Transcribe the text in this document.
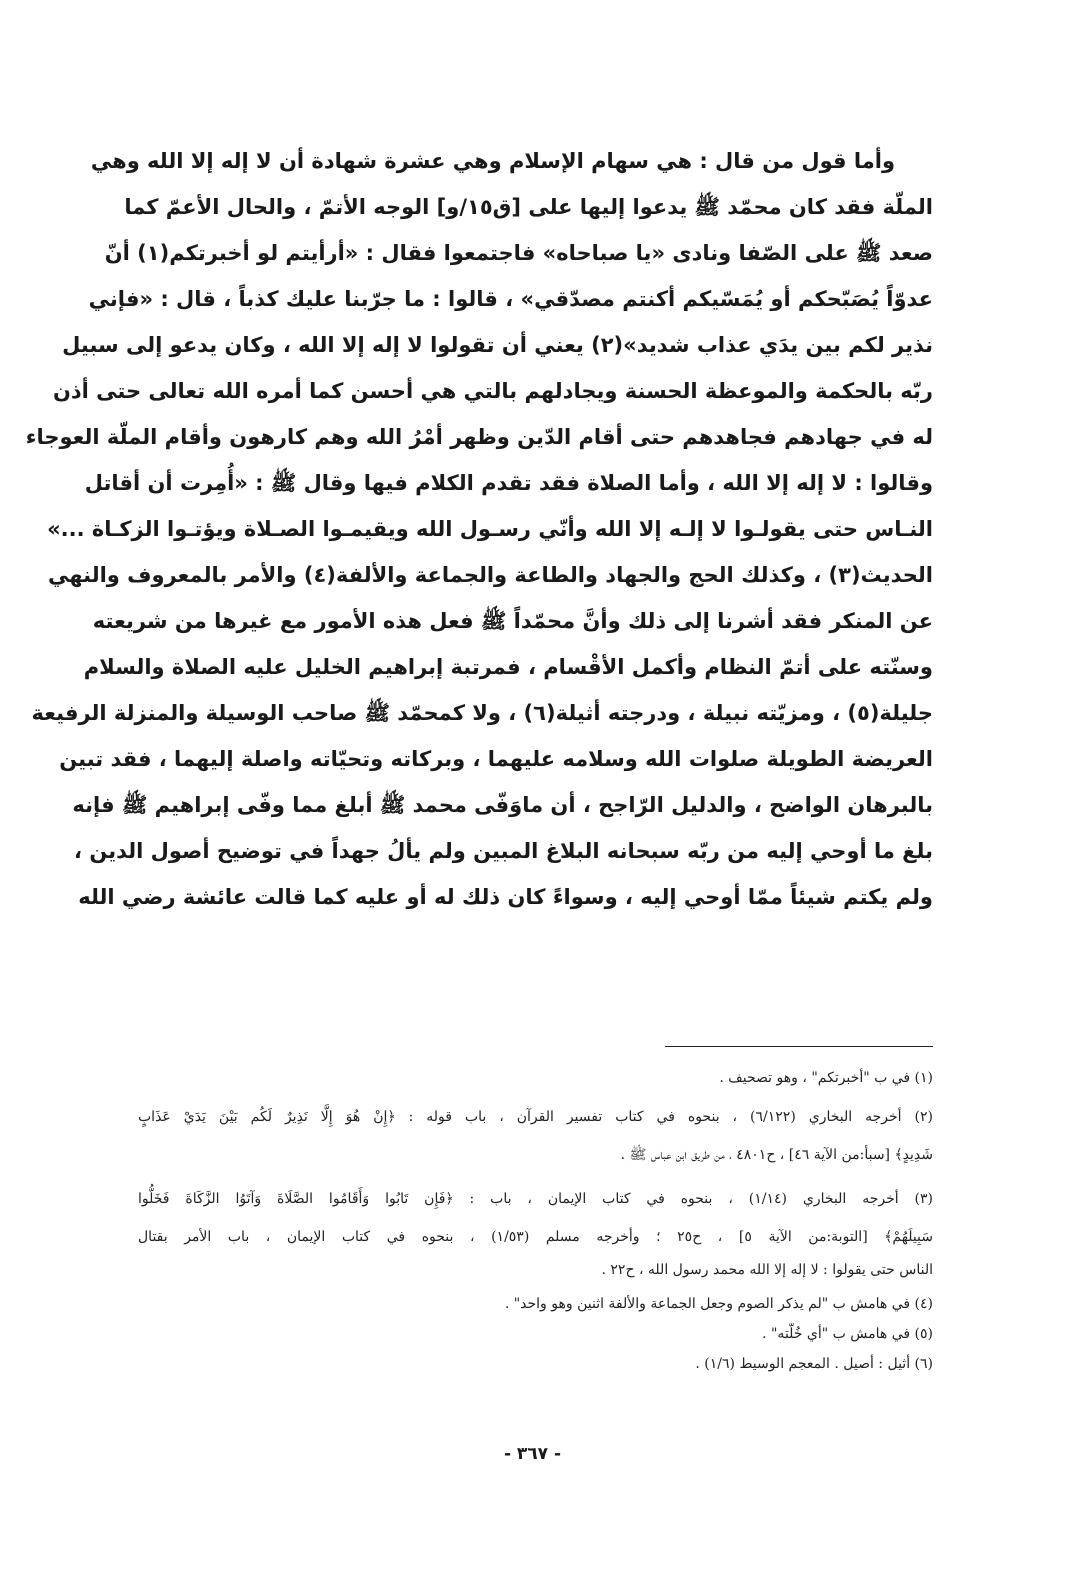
وأما قول من قال : هي سهام الإسلام وهي عشرة شهادة أن لا إله إلا الله وهي
الملّة فقد كان محمّد ﷺ يدعوا إليها على [ق١٥/و] الوجه الأتمّ ، والحال الأعمّ كما
صعد ﷺ على الصّفا ونادى «يا صباحاه» فاجتمعوا فقال : «أرأيتم لو أخبرتكم(١) أنّ
عدوّاً يُصَبّحكم أو يُمَسّيكم أكنتم مصدّقي» ، قالوا : ما جرّبنا عليك كذباً ، قال : «فإني
نذير لكم بين يدَي عذاب شديد»(٢) يعني أن تقولوا لا إله إلا الله ، وكان يدعو إلى سبيل
ربّه بالحكمة والموعظة الحسنة ويجادلهم بالتي هي أحسن كما أمره الله تعالى حتى أذن
له في جهادهم فجاهدهم حتى أقام الدّين وظهر أمْرُ الله وهم كارهون وأقام الملّة العوجاء
وقالوا : لا إله إلا الله ، وأما الصلاة فقد تقدم الكلام فيها وقال ﷺ : «أُمِرت أن أقاتل
النـاس حتى يقولـوا لا إلـه إلا الله وأنّي رسـول الله ويقيمـوا الصـلاة ويؤتـوا الزكـاة ...»
الحديث(٣) ، وكذلك الحج والجهاد والطاعة والجماعة والألفة(٤) والأمر بالمعروف والنهي
عن المنكر فقد أشرنا إلى ذلك وأنَّ محمّداً ﷺ فعل هذه الأمور مع غيرها من شريعته
وسنّته على أتمّ النظام وأكمل الأقْسام ، فمرتبة إبراهيم الخليل عليه الصلاة والسلام
جليلة(٥) ، ومزيّته نبيلة ، ودرجته أثيلة(٦) ، ولا كمحمّد ﷺ صاحب الوسيلة والمنزلة الرفيعة
العريضة الطويلة صلوات الله وسلامه عليهما ، وبركاته وتحيّاته واصلة إليهما ، فقد تبين
بالبرهان الواضح ، والدليل الرّاجح ، أن ماوَفّى محمد ﷺ أبلغ مما وفّى إبراهيم ﷺ فإنه
بلغ ما أوحي إليه من ربّه سبحانه البلاغ المبين ولم يألُ جهداً في توضيح أصول الدين ،
ولم يكتم شيئاً ممّا أوحي إليه ، وسواءً كان ذلك له أو عليه كما قالت عائشة رضي الله
(١) في ب "أخبرتكم" ، وهو تصحيف .
(٢) أخرجه البخاري (٦/١٢٢) ، بنحوه في كتاب تفسير القرآن ، باب قوله : ﴿إِنْ هُوَ إِلَّا نَذِيرٌ لَكُم بَيْنَ يَدَيْ عَذَابٍ
شَدِيدٍ﴾ [سبأ:من الآية ٤٦] ، ح٤٨٠١ ، من طريق ابن عباس ﷺ .
(٣) أخرجه البخاري (١/١٤) ، بنحوه في كتاب الإيمان ، باب : ﴿فَإِن تَابُوا وَأَقَامُوا الصَّلَاةَ وَآتَوُا الزَّكَاةَ فَخَلُّوا
سَبِيلَهُمْ﴾ [التوبة:من الآية ٥] ، ح٢٥ ؛ وأخرجه مسلم (١/٥٣) ، بنحوه في كتاب الإيمان ، باب الأمر بقتال
الناس حتى يقولوا : لا إله إلا الله محمد رسول الله ، ح٢٢ .
(٤) في هامش ب "لم يذكر الصوم وجعل الجماعة والألفة اثنين وهو واحد" .
(٥) في هامش ب "أي خُلّته" .
(٦) أثيل : أصيل . المعجم الوسيط (١/٦) .
- ٣٦٧ -
